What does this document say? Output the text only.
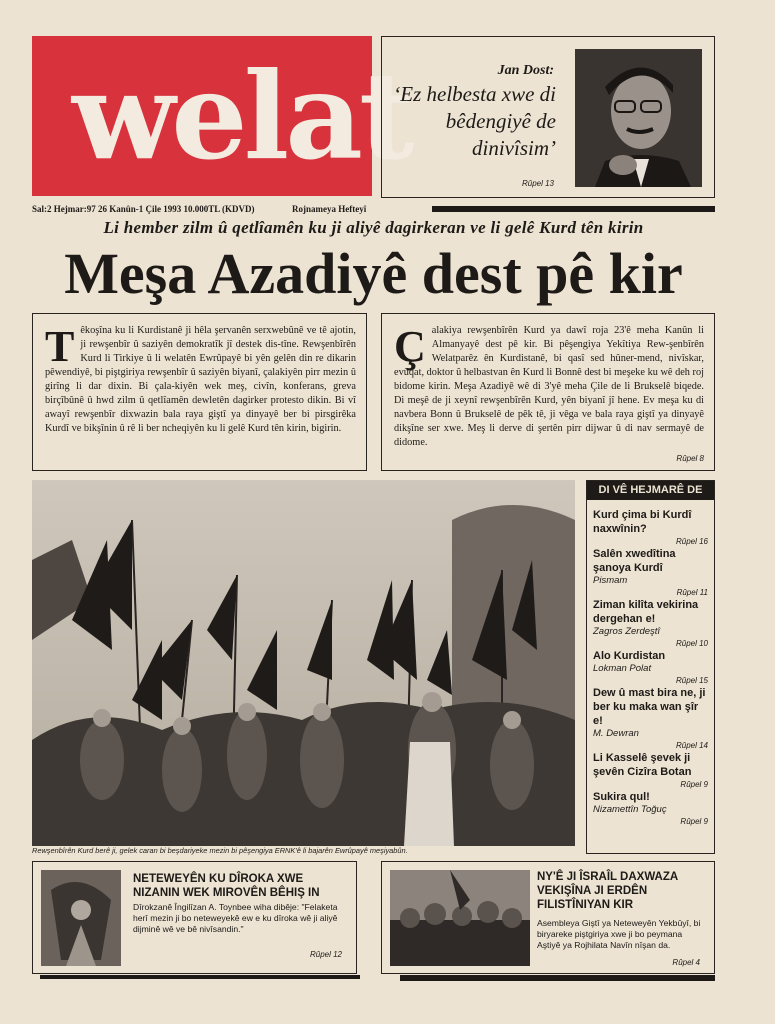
welat	Jan Dost:
‘Ez helbesta xwe di bêdengiyê de dinivîsim’
Rûpel 13
Sal:2 Hejmar:97 26 Kanûn-1 Çile 1993 10.000TL (KDVD)	Rojnameya Hefteyî
Li hember zilm û qetlîamên ku ji aliyê dagirkeran ve li gelê Kurd tên kirin
Meşa Azadiyê dest pê kir
T êkoşîna ku li Kurdistanê ji hêla şervanên serxwebûnê ve tê ajotin, ji rewşenbîr û saziyên demokratîk jî destek dis-tîne. Rewşenbîrên Kurd li Tirkiye û li welatên Ewrûpayê bi yên gelên din re dikarin pêwendiyê, bi piştgiriya rewşenbîr û saziyên biyanî, çalakiyên pirr mezin û girîng li dar dixin. Bi çala-kiyên wek meş, civîn, konferans, greva birçîbûnê û hwd zilm û qetlîamên dewletên dagirker protesto dikin. Bi vî awayî rewşenbîr dixwazin bala raya giştî ya dinyayê ber bi pirsgirêka Kurdî ve bikşînin û rê li ber ncheqiyên ku li gelê Kurd tên kirin, bigirin.

Ç alakiya rewşenbîrên Kurd ya dawî roja 23'ê meha Kanûn li Almanyayê dest pê kir. Bi pêşengiya Yekîtiya Rew-şenbîrên Welatparêz ên Kurdistanê, bi qasî sed hûner-mend, nivîskar, evûqat, doktor û helbastvan ên Kurd li Bonnê dest bi meşeke ku wê deh roj bidome kirin. Meşa Azadiyê wê di 3'yê meha Çile de li Brukselê biqede. Di meşê de ji xeynî rewşenbîrên Kurd, yên biyanî jî hene. Ev meşa ku di navbera Bonn û Brukselê de pêk tê, ji vêga ve bala raya giştî ya dinyayê dikşîne ser xwe. Meş li derve di şertên pirr dijwar û di nav sermayê de didome.

Rûpel 8
Rewşenbîrên Kurd berê ji, gelek caran bi beşdariyeke mezin bi pêşengiya ERNK'ê li bajarên Ewrûpayê meşiyabûn.
DI VÊ HEJMARÊ DE
Kurd çima bi Kurdî naxwînin?
Rûpel 16
Salên xwedîtina şanoya Kurdî
Pismam
Rûpel 11
Ziman kilîta vekirina dergehan e!
Zagros Zerdeştî
Rûpel 10
Alo Kurdistan
Lokman Polat
Rûpel 15
Dew û mast bira ne, ji ber ku maka wan şîr e!
M. Dewran
Rûpel 14
Li Kasselê şevek ji şevên Cizîra Botan
Rûpel 9
Sukira qul!
Nizamettîn Toğuç
Rûpel 9
NETEWEYÊN KU DÎROKA XWE NIZANIN WEK MIROVÊN BÊHIŞ IN
Dîrokzanê Îngilîzan A. Toynbee wiha dibêje: "Felaketa herî mezin ji bo neteweyekê ew e ku dîroka wê ji aliyê dijminê wê ve bê nivîsandin."
Rûpel 12
NY'Ê JI ÎSRAÎL DAXWAZA VEKIŞÎNA JI ERDÊN FILISTÎNIYAN KIR
Asembleya Giştî ya Neteweyên Yekbûyî, bi biryareke piştgiriya xwe ji bo peymana Aştiyê ya Rojhilata Navîn nîşan da.
Rûpel 4
